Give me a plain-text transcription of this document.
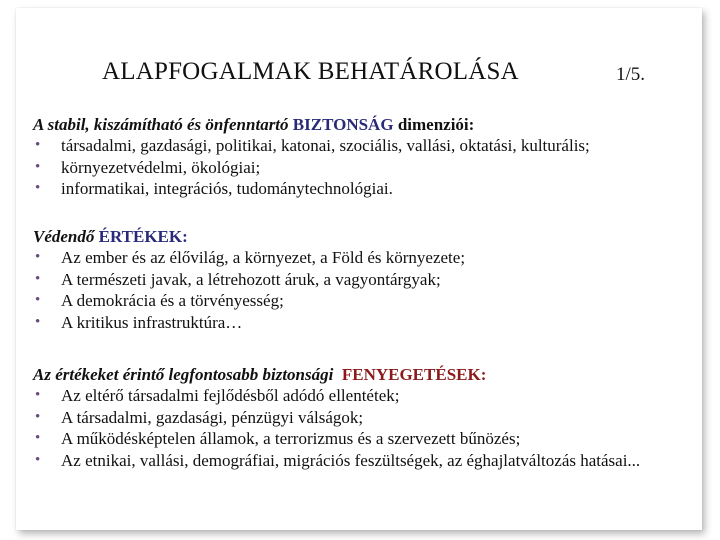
ALAPFOGALMAK BEHATÁROLÁSA	1/5.
A stabil, kiszámítható és önfenntartó BIZTONSÁG dimenziói:
• társadalmi, gazdasági, politikai, katonai, szociális, vallási, oktatási, kulturális;
• környezetvédelmi, ökológiai;
• informatikai, integrációs, tudománytechnológiai.
Védendő ÉRTÉKEK:
• Az ember és az élővilág, a környezet, a Föld és környezete;
• A természeti javak, a létrehozott áruk, a vagyontárgyak;
• A demokrácia és a törvényesség;
• A kritikus infrastruktúra…
Az értékeket érintő legfontosabb biztonsági  FENYEGETÉSEK:
• Az eltérő társadalmi fejlődésből adódó ellentétek;
• A társadalmi, gazdasági, pénzügyi válságok;
• A működésképtelen államok, a terrorizmus és a szervezett bűnözés;
• Az etnikai, vallási, demográfiai, migrációs feszültségek, az éghajlatváltozás hatásai...
